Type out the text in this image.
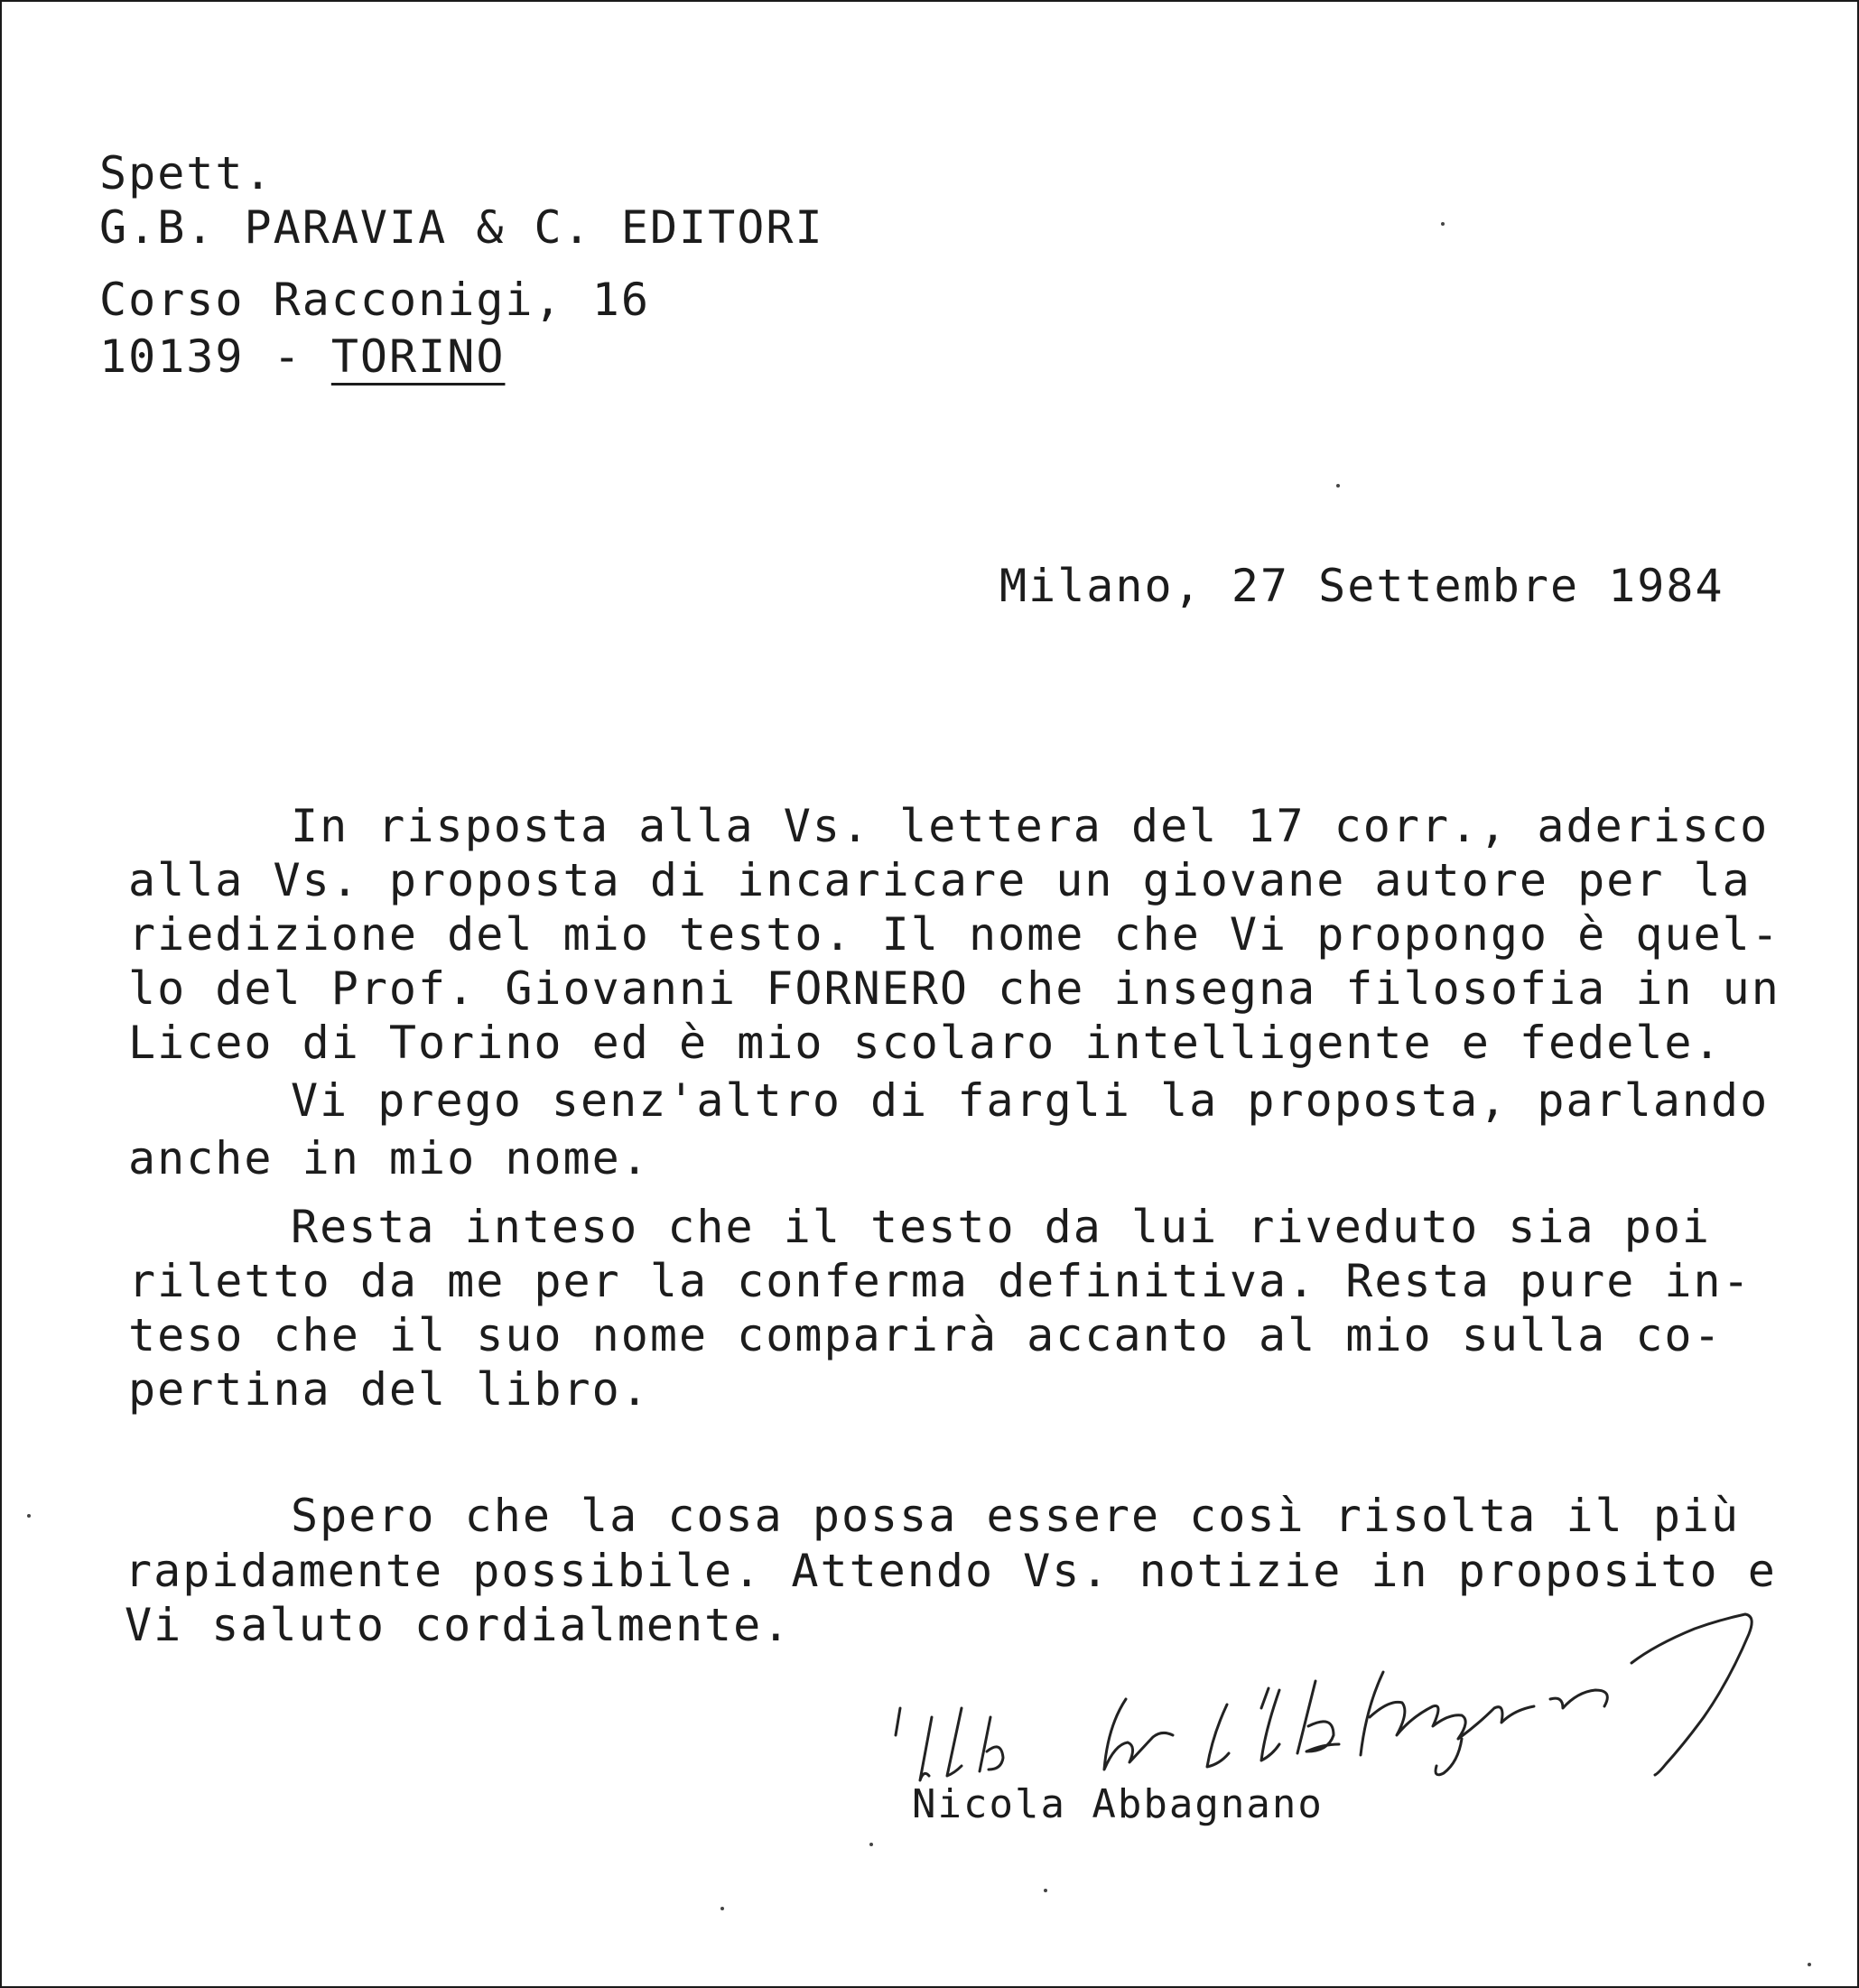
Spett.
G.B. PARAVIA & C. EDITORI
Corso Racconigi, 16
10139 - TORINO
Milano, 27 Settembre 1984
In risposta alla Vs. lettera del 17 corr., aderisco
alla Vs. proposta di incaricare un giovane autore per la
riedizione del mio testo. Il nome che Vi propongo è quel-
lo del Prof. Giovanni FORNERO che insegna filosofia in un
Liceo di Torino ed è mio scolaro intelligente e fedele.
Vi prego senz'altro di fargli la proposta, parlando
anche in mio nome.
Resta inteso che il testo da lui riveduto sia poi
riletto da me per la conferma definitiva. Resta pure in-
teso che il suo nome comparirà accanto al mio sulla co-
pertina del libro.
Spero che la cosa possa essere così risolta il più
rapidamente possibile. Attendo Vs. notizie in proposito e
Vi saluto cordialmente.
Nicola Abbagnano
